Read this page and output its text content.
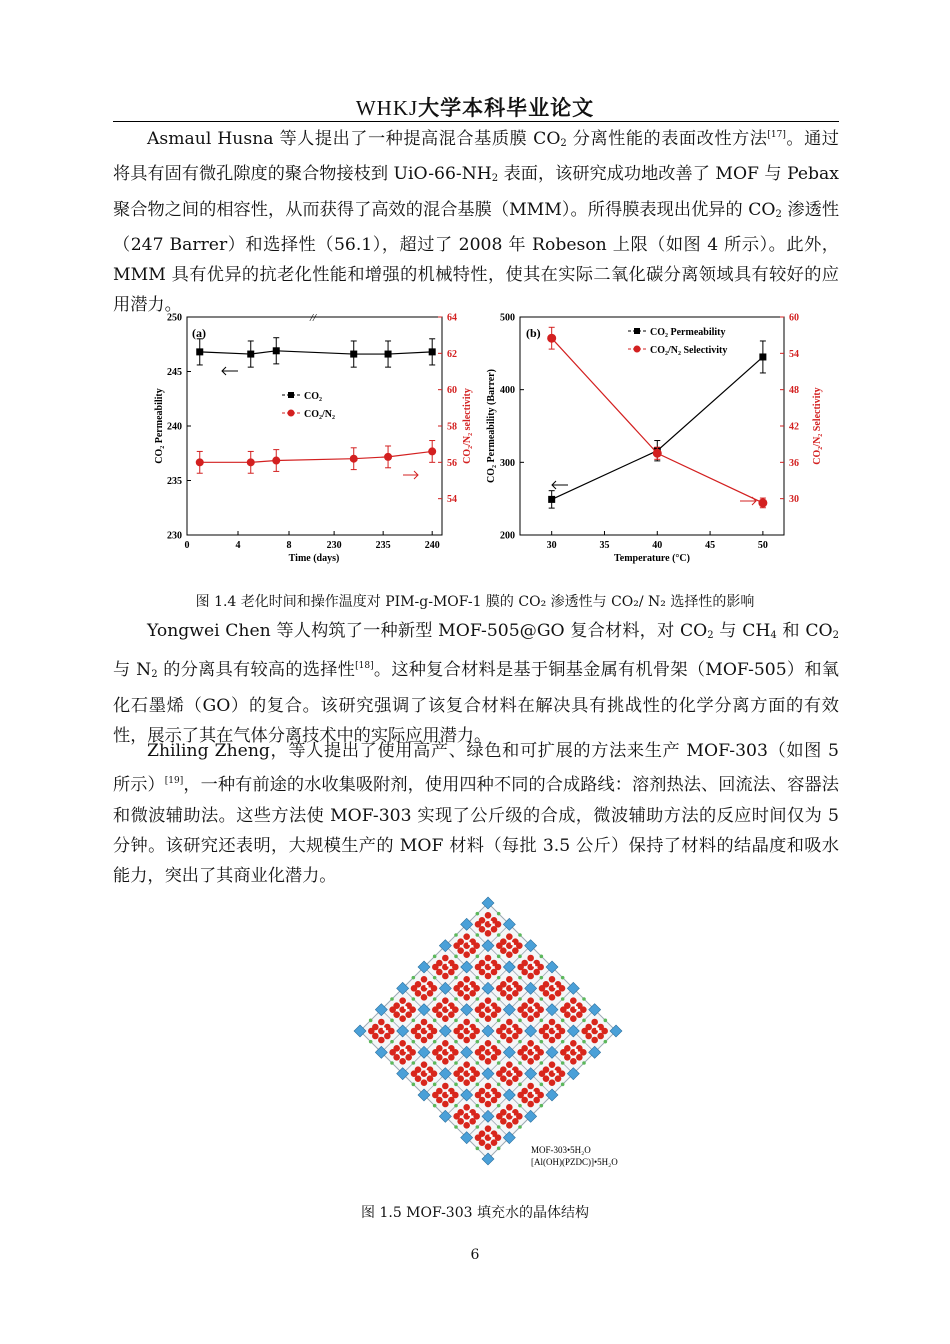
WHKJ大学本科毕业论文
Asmaul Husna 等人提出了一种提高混合基质膜 $CO_2$ 分离性能的表面改性方法[17]。通过将具有固有微孔隙度的聚合物接枝到 UiO-$66-NH_2$ 表面，该研究成功地改善了 MOF 与 Pebax 聚合物之间的相容性，从而获得了高效的混合基膜（MMM）。所得膜表现出优异的 $CO_2$ 渗透性（247 Barrer）和选择性（56.1），超过了 2008 年 Robeson 上限（如图 4 所示）。此外，MMM 具有优异的抗老化性能和增强的机械特性，使其在实际二氧化碳分离领域具有较好的应用潜力。
230
235
240
245
250
54
56
58
60
62
64
0	4	8	230	235	240
(a)
//
Time (days)
CO₂ Permeability	CO₂/N₂ selectivity
CO₂
CO₂/N₂
200
300
400
500
30
36
42
48
54
60
30	35	40	45	50
(b)
Temperature (°C)
CO₂ Permeability (Barrer)	CO₂/N₂ Selectivity
CO₂ Permeability
CO₂/N₂ Selectivity
图 1.4 老化时间和操作温度对 PIM-g-MOF-1 膜的 CO₂ 渗透性与 CO₂/ N₂ 选择性的影响
Yongwei Chen 等人构筑了一种新型 MOF-505@GO 复合材料，对 $CO_2$ 与 $CH_4$ 和 $CO_2$ 与 $N_2$ 的分离具有较高的选择性[18]。这种复合材料是基于铜基金属有机骨架（MOF-505）和氧化石墨烯（GO）的复合。该研究强调了该复合材料在解决具有挑战性的化学分离方面的有效性，展示了其在气体分离技术中的实际应用潜力。
Zhiling Zheng，等人提出了使用高产、绿色和可扩展的方法来生产 MOF-303（如图 5 所示）[19]，一种有前途的水收集吸附剂，使用四种不同的合成路线：溶剂热法、回流法、容器法和微波辅助法。这些方法使 MOF-303 实现了公斤级的合成，微波辅助方法的反应时间仅为 5 分钟。该研究还表明，大规模生产的 MOF 材料（每批 3.5 公斤）保持了材料的结晶度和吸水能力，突出了其商业化潜力。
MOF-303•5H₂O
[Al(OH)(PZDC)]•5H₂O
图 1.5 MOF-303 填充水的晶体结构
6
